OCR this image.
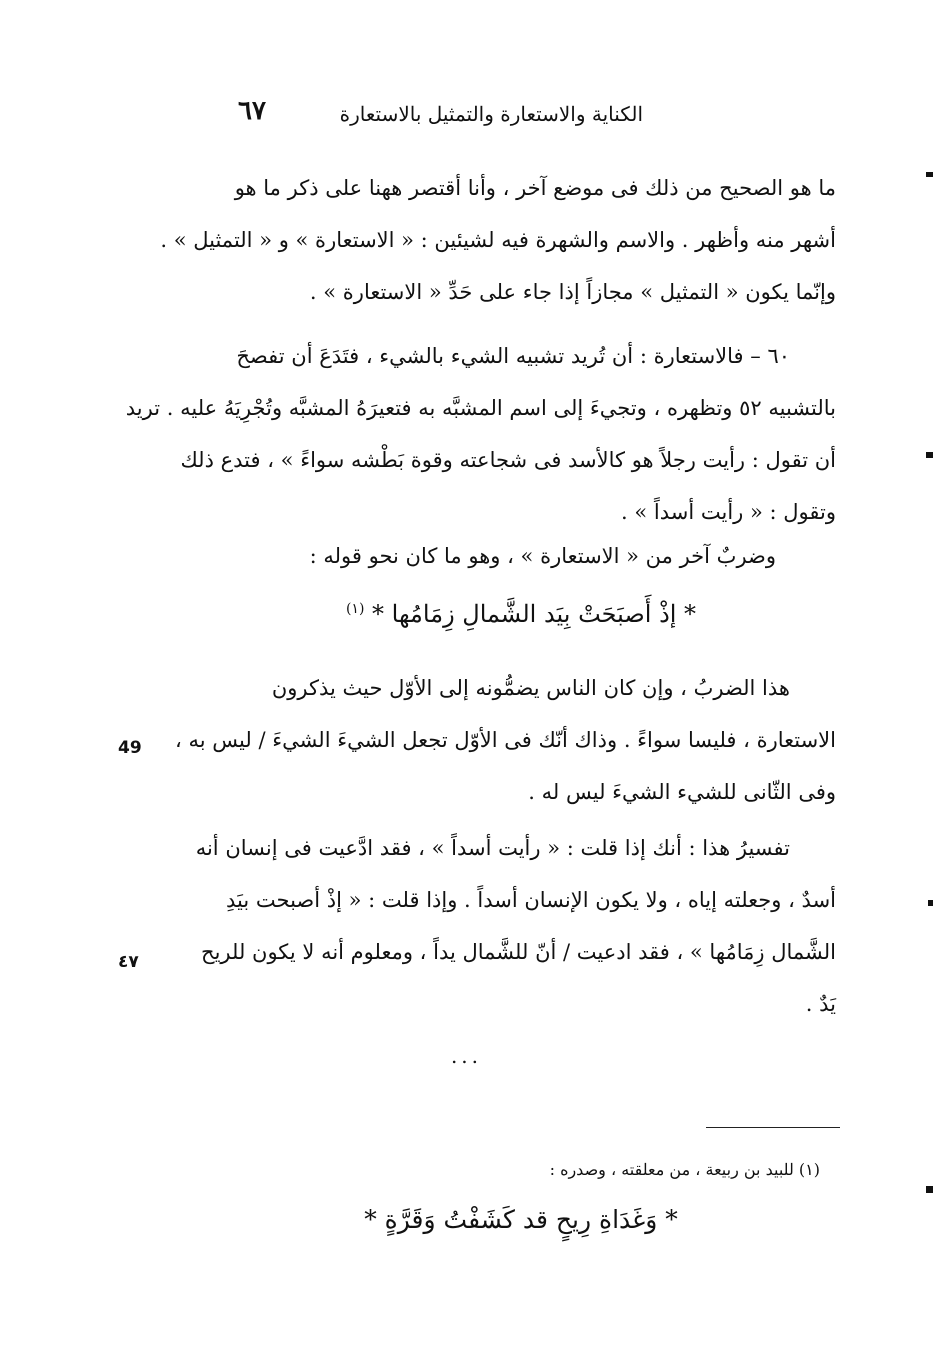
الكناية والاستعارة والتمثيل بالاستعارة
٦٧
ما هو الصحيح من ذلك فى موضع آخر ، وأنا أقتصر ههنا على ذكر ما هو
أشهر منه وأظهر . والاسم والشهرة فيه لشيئين : « الاستعارة » و « التمثيل » .
وإنّما يكون « التمثيل » مجازاً إذا جاء على حَدِّ « الاستعارة » .
٦٠ – فالاستعارة : أن تُريد تشبيه الشيء بالشيء ، فتَدَعَ أن تفصحَ
بالتشبيه ٥٢ وتظهره ، وتجيءَ إلى اسم المشبَّه به فتعيرَهُ المشبَّه وتُجْرِيَهُ عليه . تريد
أن تقول : رأيت رجلاً هو كالأسد فى شجاعته وقوة بَطْشه سواءً » ، فتدع ذلك
وتقول : « رأيت أسداً » .
وضربٌ آخر من « الاستعارة » ، وهو ما كان نحو قوله :
* إذْ أَصبَحَتْ بِيَد الشَّمالِ زِمَامُها * $^{(١)}$
هذا الضربُ ، وإن كان الناس يضمُّونه إلى الأوّل حيث يذكرون
الاستعارة ، فليسا سواءً . وذاك أنّك فى الأوّل تجعل الشيءَ الشيءَ / ليس به ،
وفى الثّانى للشيء الشيءَ ليس له .
تفسيرُ هذا : أنك إذا قلت : « رأيت أسداً » ، فقد ادَّعيت فى إنسان أنه
أسدٌ ، وجعلته إياه ، ولا يكون الإنسان أسداً . وإذا قلت : « إذْ أصبحت بيَدِ
الشَّمال زِمَامُها » ، فقد ادعيت / أنّ للشَّمال يداً ، ومعلوم أنه لا يكون للريح
يَدٌ .
49
٤٧
...
(١) للبيد بن ربيعة ، من معلقته ، وصدره :
* وَغَدَاةِ رِيحٍ قد كَشَفْتُ وَقَرَّةٍ *
